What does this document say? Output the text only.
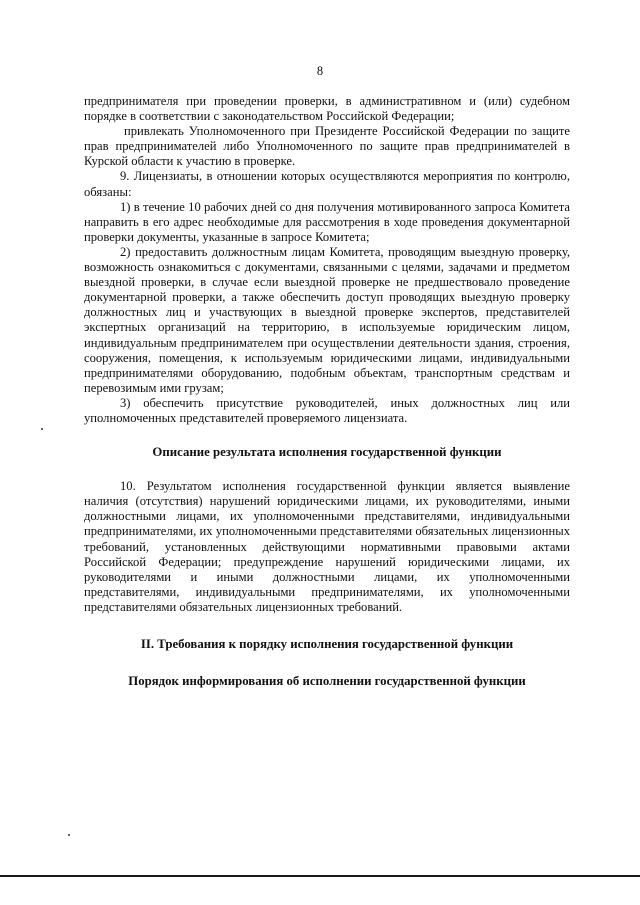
8

предпринимателя при проведении проверки, в административном и (или) судебном порядке в соответствии с законодательством Российской Федерации;

привлекать Уполномоченного при Президенте Российской Федерации по защите прав предпринимателей либо Уполномоченного по защите прав предпринимателей в Курской области к участию в проверке.

9. Лицензиаты, в отношении которых осуществляются мероприятия по контролю, обязаны:

1) в течение 10 рабочих дней со дня получения мотивированного запроса Комитета направить в его адрес необходимые для рассмотрения в ходе проведения документарной проверки документы, указанные в запросе Комитета;

2) предоставить должностным лицам Комитета, проводящим выездную проверку, возможность ознакомиться с документами, связанными с целями, задачами и предметом выездной проверки, в случае если выездной проверке не предшествовало проведение документарной проверки, а также обеспечить доступ проводящих выездную проверку должностных лиц и участвующих в выездной проверке экспертов, представителей экспертных организаций на территорию, в используемые юридическим лицом, индивидуальным предпринимателем при осуществлении деятельности здания, строения, сооружения, помещения, к используемым юридическими лицами, индивидуальными предпринимателями оборудованию, подобным объектам, транспортным средствам и перевозимым ими грузам;

3) обеспечить присутствие руководителей, иных должностных лиц или уполномоченных представителей проверяемого лицензиата.

Описание результата исполнения государственной функции

10. Результатом исполнения государственной функции является выявление наличия (отсутствия) нарушений юридическими лицами, их руководителями, иными должностными лицами, их уполномоченными представителями, индивидуальными предпринимателями, их уполномоченными представителями обязательных лицензионных требований, установленных действующими нормативными правовыми актами Российской Федерации; предупреждение нарушений юридическими лицами, их руководителями и иными должностными лицами, их уполномоченными представителями, индивидуальными предпринимателями, их уполномоченными представителями обязательных лицензионных требований.

II. Требования к порядку исполнения государственной функции
Порядок информирования об исполнении государственной функции
